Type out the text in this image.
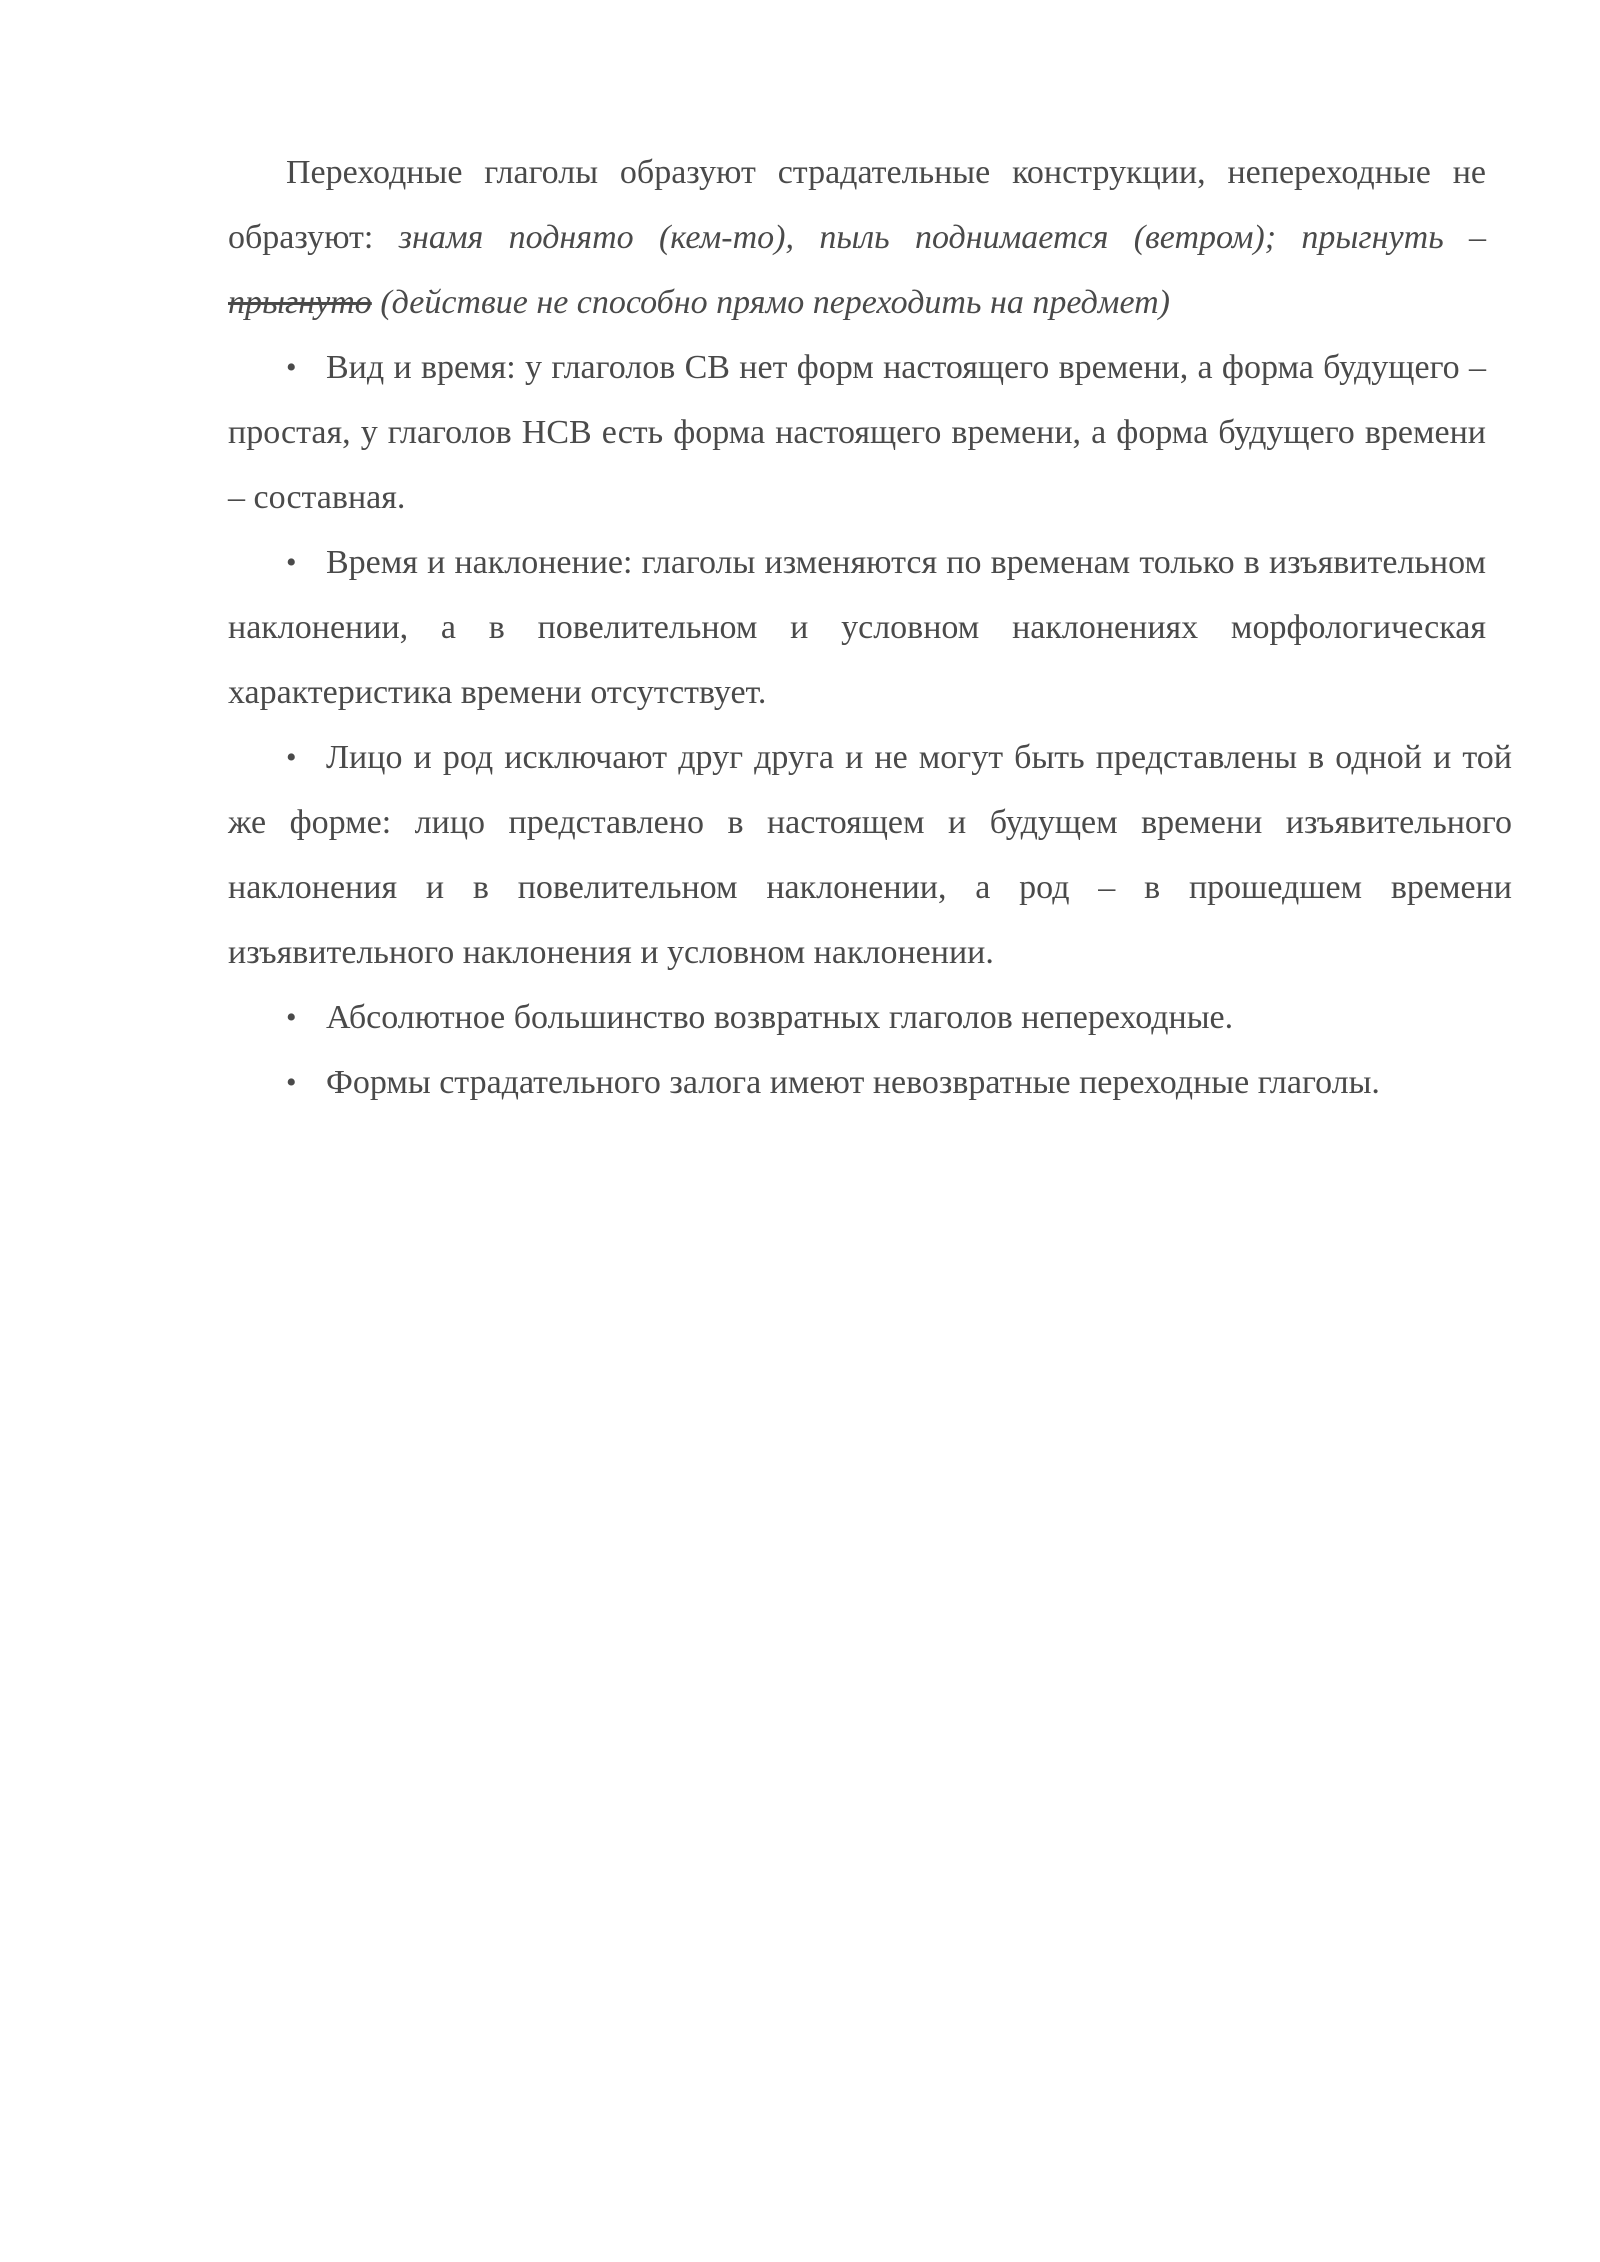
Переходные глаголы образуют страдательные конструкции, непереходные не образуют: знамя поднято (кем-то), пыль поднимается (ветром); прыгнуть – прыгнуто (действие не способно прямо переходить на предмет)

• Вид и время: у глаголов СВ нет форм настоящего времени, а форма будущего – простая, у глаголов НСВ есть форма настоящего времени, а форма будущего времени – составная.

• Время и наклонение: глаголы изменяются по временам только в изъявительном наклонении, а в повелительном и условном наклонениях морфологическая характеристика времени отсутствует.

• Лицо и род исключают друг друга и не могут быть представлены в одной и той же форме: лицо представлено в настоящем и будущем времени изъявительного наклонения и в повелительном наклонении, а род – в прошедшем времени изъявительного наклонения и условном наклонении.

• Абсолютное большинство возвратных глаголов непереходные.

• Формы страдательного залога имеют невозвратные переходные глаголы.
